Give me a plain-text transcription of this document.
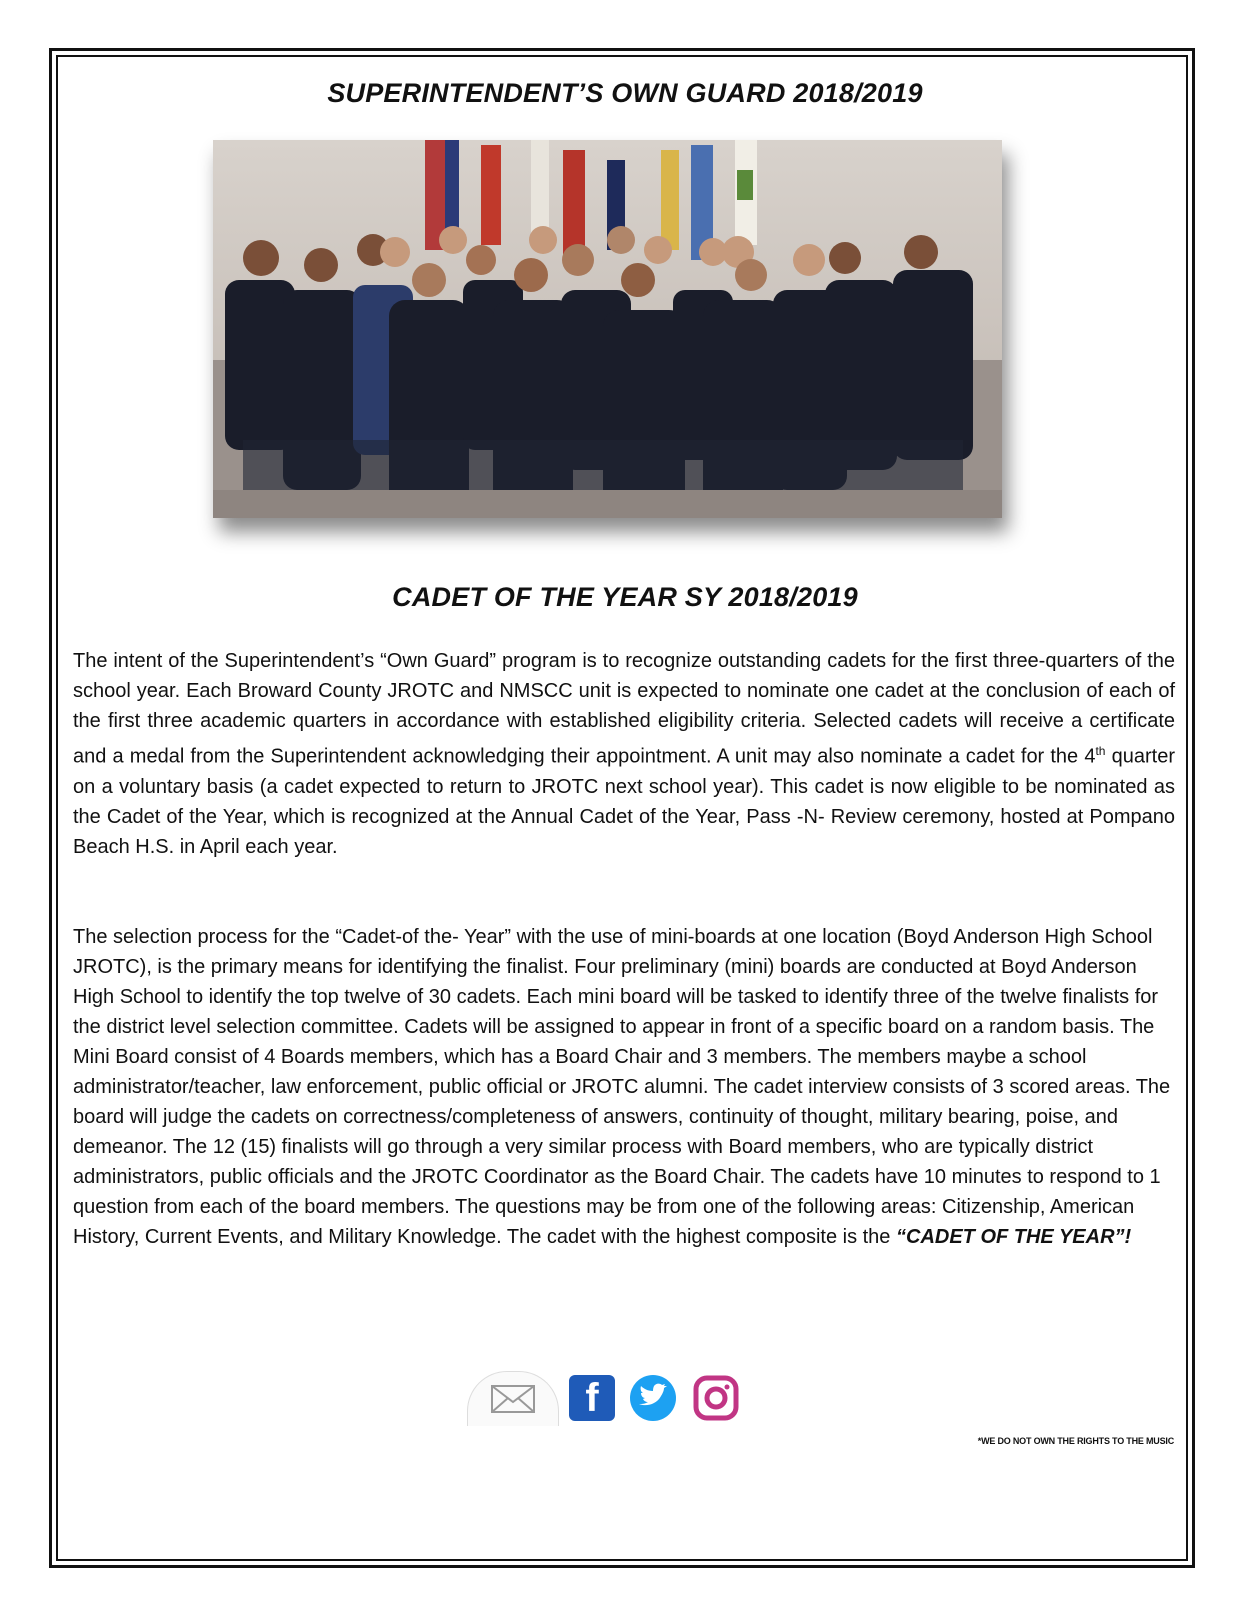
SUPERINTENDENT’S OWN GUARD 2018/2019
CADET OF THE YEAR SY 2018/2019
The intent of the Superintendent’s “Own Guard” program is to recognize outstanding cadets for the first three-quarters of the school year. Each Broward County JROTC and NMSCC unit is expected to nominate one cadet at the conclusion of each of the first three academic quarters in accordance with established eligibility criteria. Selected cadets will receive a certificate and a medal from the Superintendent acknowledging their appointment. A unit may also nominate a cadet for the 4th quarter on a voluntary basis (a cadet expected to return to JROTC next school year). This cadet is now eligible to be nominated as the Cadet of the Year, which is recognized at the Annual Cadet of the Year, Pass -N- Review ceremony, hosted at Pompano Beach H.S. in April each year.
The selection process for the “Cadet-of the- Year” with the use of mini-boards at one location (Boyd Anderson High School JROTC), is the primary means for identifying the finalist. Four preliminary (mini) boards are conducted at Boyd Anderson High School to identify the top twelve of 30 cadets. Each mini board will be tasked to identify three of the twelve finalists for the district level selection committee. Cadets will be assigned to appear in front of a specific board on a random basis. The Mini Board consist of 4 Boards members, which has a Board Chair and 3 members. The members maybe a school administrator/teacher, law enforcement, public official or JROTC alumni. The cadet interview consists of 3 scored areas. The board will judge the cadets on correctness/completeness of answers, continuity of thought, military bearing, poise, and demeanor. The 12 (15) finalists will go through a very similar process with Board members, who are typically district administrators, public officials and the JROTC Coordinator as the Board Chair. The cadets have 10 minutes to respond to 1 question from each of the board members. The questions may be from one of the following areas: Citizenship, American History, Current Events, and Military Knowledge. The cadet with the highest composite is the “CADET OF THE YEAR”!
f
*WE DO NOT OWN THE RIGHTS TO THE MUSIC
